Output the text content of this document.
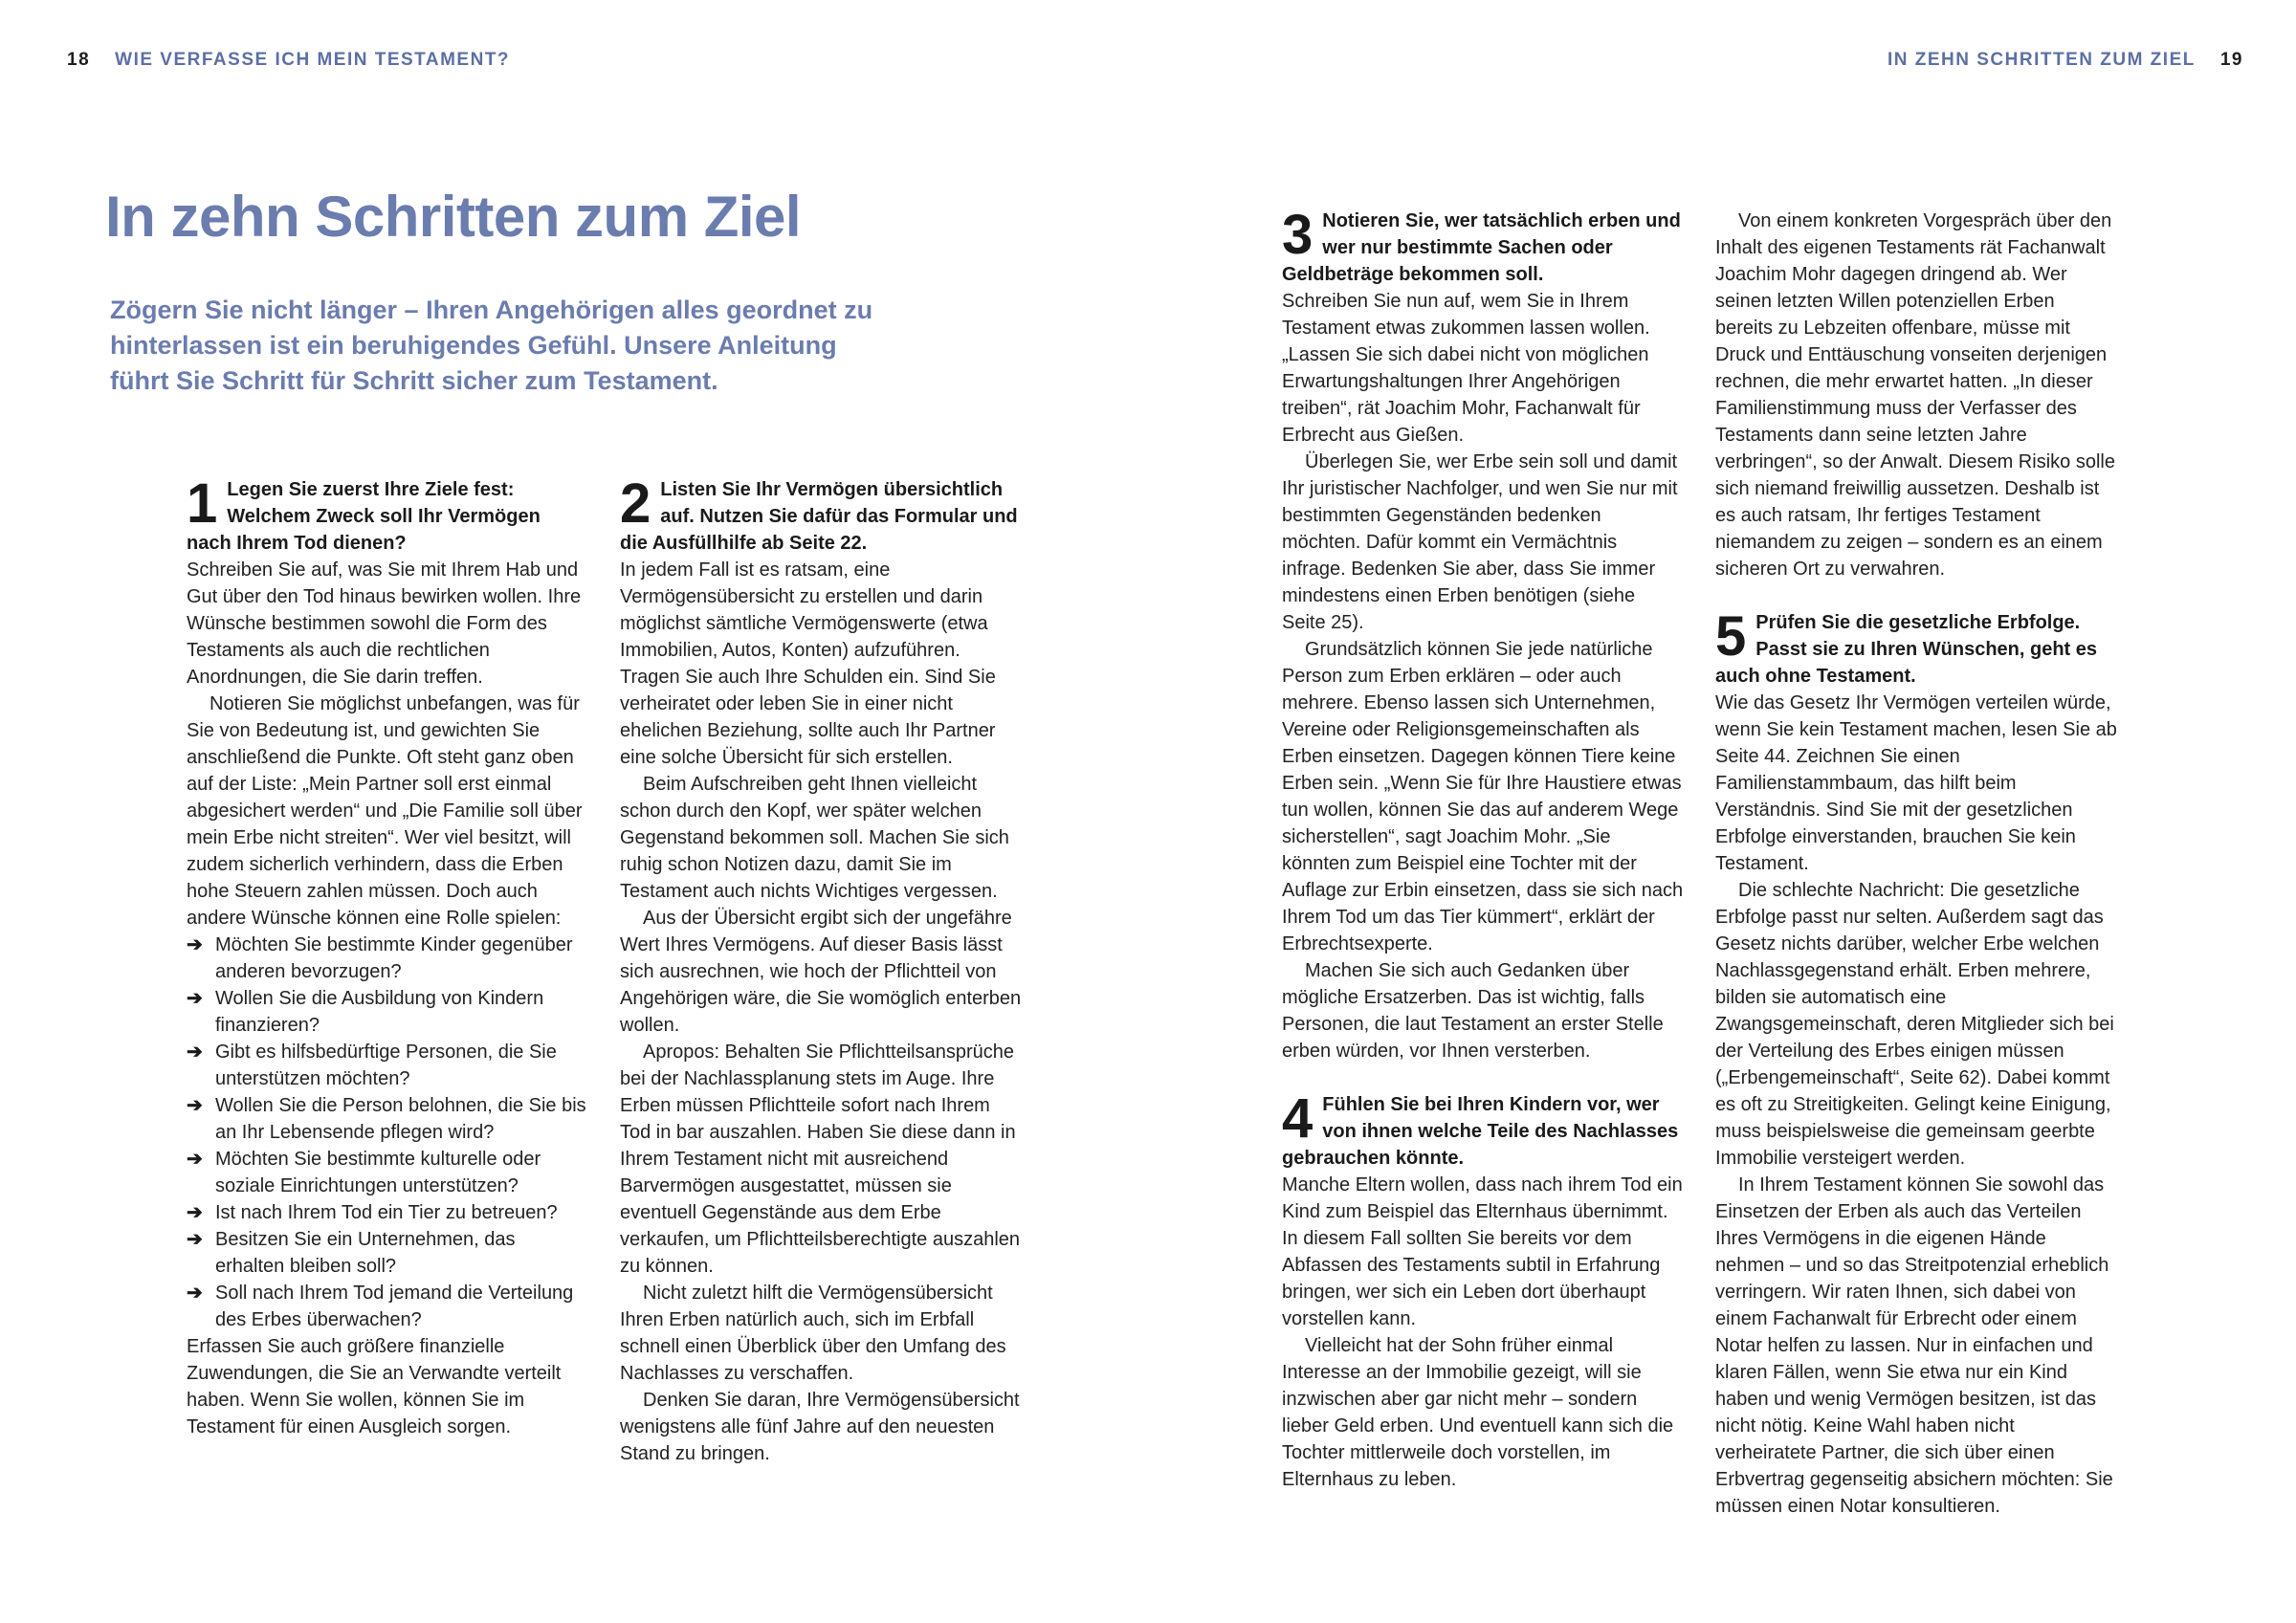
18 WIE VERFASSE ICH MEIN TESTAMENT?	IN ZEHN SCHRITTEN ZUM ZIEL 19
In zehn Schritten zum Ziel

Zögern Sie nicht länger – Ihren Angehörigen alles geordnet zu hinterlassen ist ein beruhigendes Gefühl. Unsere Anleitung führt Sie Schritt für Schritt sicher zum Testament.

1 Legen Sie zuerst Ihre Ziele fest: Welchem Zweck soll Ihr Vermögen nach Ihrem Tod dienen?

Schreiben Sie auf, was Sie mit Ihrem Hab und Gut über den Tod hinaus bewirken wollen. Ihre Wünsche bestimmen sowohl die Form des Testaments als auch die rechtlichen Anordnungen, die Sie darin treffen.

Notieren Sie möglichst unbefangen, was für Sie von Bedeutung ist, und gewichten Sie anschließend die Punkte. Oft steht ganz oben auf der Liste: „Mein Partner soll erst einmal abgesichert werden“ und „Die Familie soll über mein Erbe nicht streiten“. Wer viel besitzt, will zudem sicherlich verhindern, dass die Erben hohe Steuern zahlen müssen. Doch auch andere Wünsche können eine Rolle spielen:

➔ Möchten Sie bestimmte Kinder gegenüber anderen bevorzugen?
➔ Wollen Sie die Ausbildung von Kindern finanzieren?
➔ Gibt es hilfsbedürftige Personen, die Sie unterstützen möchten?
➔ Wollen Sie die Person belohnen, die Sie bis an Ihr Lebensende pflegen wird?
➔ Möchten Sie bestimmte kulturelle oder soziale Einrichtungen unterstützen?
➔ Ist nach Ihrem Tod ein Tier zu betreuen?
➔ Besitzen Sie ein Unternehmen, das erhalten bleiben soll?
➔ Soll nach Ihrem Tod jemand die Verteilung des Erbes überwachen?

Erfassen Sie auch größere finanzielle Zuwendungen, die Sie an Verwandte verteilt haben. Wenn Sie wollen, können Sie im Testament für einen Ausgleich sorgen.

2 Listen Sie Ihr Vermögen übersichtlich auf. Nutzen Sie dafür das Formular und die Ausfüllhilfe ab Seite 22.

In jedem Fall ist es ratsam, eine Vermögensübersicht zu erstellen und darin möglichst sämtliche Vermögenswerte (etwa Immobilien, Autos, Konten) aufzuführen. Tragen Sie auch Ihre Schulden ein. Sind Sie verheiratet oder leben Sie in einer nicht ehelichen Beziehung, sollte auch Ihr Partner eine solche Übersicht für sich erstellen.

Beim Aufschreiben geht Ihnen vielleicht schon durch den Kopf, wer später welchen Gegenstand bekommen soll. Machen Sie sich ruhig schon Notizen dazu, damit Sie im Testament auch nichts Wichtiges vergessen.

Aus der Übersicht ergibt sich der ungefähre Wert Ihres Vermögens. Auf dieser Basis lässt sich ausrechnen, wie hoch der Pflichtteil von Angehörigen wäre, die Sie womöglich enterben wollen.

Apropos: Behalten Sie Pflichtteilsansprüche bei der Nachlassplanung stets im Auge. Ihre Erben müssen Pflichtteile sofort nach Ihrem Tod in bar auszahlen. Haben Sie diese dann in Ihrem Testament nicht mit ausreichend Barvermögen ausgestattet, müssen sie eventuell Gegenstände aus dem Erbe verkaufen, um Pflichtteilsberechtigte auszahlen zu können.

Nicht zuletzt hilft die Vermögensübersicht Ihren Erben natürlich auch, sich im Erbfall schnell einen Überblick über den Umfang des Nachlasses zu verschaffen.

Denken Sie daran, Ihre Vermögensübersicht wenigstens alle fünf Jahre auf den neuesten Stand zu bringen.

3 Notieren Sie, wer tatsächlich erben und wer nur bestimmte Sachen oder Geldbeträge bekommen soll.

Schreiben Sie nun auf, wem Sie in Ihrem Testament etwas zukommen lassen wollen. „Lassen Sie sich dabei nicht von möglichen Erwartungshaltungen Ihrer Angehörigen treiben“, rät Joachim Mohr, Fachanwalt für Erbrecht aus Gießen.

Überlegen Sie, wer Erbe sein soll und damit Ihr juristischer Nachfolger, und wen Sie nur mit bestimmten Gegenständen bedenken möchten. Dafür kommt ein Vermächtnis infrage. Bedenken Sie aber, dass Sie immer mindestens einen Erben benötigen (siehe Seite 25).

Grundsätzlich können Sie jede natürliche Person zum Erben erklären – oder auch mehrere. Ebenso lassen sich Unternehmen, Vereine oder Religionsgemeinschaften als Erben einsetzen. Dagegen können Tiere keine Erben sein. „Wenn Sie für Ihre Haustiere etwas tun wollen, können Sie das auf anderem Wege sicherstellen“, sagt Joachim Mohr. „Sie könnten zum Beispiel eine Tochter mit der Auflage zur Erbin einsetzen, dass sie sich nach Ihrem Tod um das Tier kümmert“, erklärt der Erbrechtsexperte.

Machen Sie sich auch Gedanken über mögliche Ersatzerben. Das ist wichtig, falls Personen, die laut Testament an erster Stelle erben würden, vor Ihnen versterben.

4 Fühlen Sie bei Ihren Kindern vor, wer von ihnen welche Teile des Nachlasses gebrauchen könnte.

Manche Eltern wollen, dass nach ihrem Tod ein Kind zum Beispiel das Elternhaus übernimmt. In diesem Fall sollten Sie bereits vor dem Abfassen des Testaments subtil in Erfahrung bringen, wer sich ein Leben dort überhaupt vorstellen kann.

Vielleicht hat der Sohn früher einmal Interesse an der Immobilie gezeigt, will sie inzwischen aber gar nicht mehr – sondern lieber Geld erben. Und eventuell kann sich die Tochter mittlerweile doch vorstellen, im Elternhaus zu leben.

Von einem konkreten Vorgespräch über den Inhalt des eigenen Testaments rät Fachanwalt Joachim Mohr dagegen dringend ab. Wer seinen letzten Willen potenziellen Erben bereits zu Lebzeiten offenbare, müsse mit Druck und Enttäuschung vonseiten derjenigen rechnen, die mehr erwartet hatten. „In dieser Familienstimmung muss der Verfasser des Testaments dann seine letzten Jahre verbringen“, so der Anwalt. Diesem Risiko solle sich niemand freiwillig aussetzen. Deshalb ist es auch ratsam, Ihr fertiges Testament niemandem zu zeigen – sondern es an einem sicheren Ort zu verwahren.

5 Prüfen Sie die gesetzliche Erbfolge. Passt sie zu Ihren Wünschen, geht es auch ohne Testament.

Wie das Gesetz Ihr Vermögen verteilen würde, wenn Sie kein Testament machen, lesen Sie ab Seite 44. Zeichnen Sie einen Familienstammbaum, das hilft beim Verständnis. Sind Sie mit der gesetzlichen Erbfolge einverstanden, brauchen Sie kein Testament.

Die schlechte Nachricht: Die gesetzliche Erbfolge passt nur selten. Außerdem sagt das Gesetz nichts darüber, welcher Erbe welchen Nachlassgegenstand erhält. Erben mehrere, bilden sie automatisch eine Zwangsgemeinschaft, deren Mitglieder sich bei der Verteilung des Erbes einigen müssen („Erbengemeinschaft“, Seite 62). Dabei kommt es oft zu Streitigkeiten. Gelingt keine Einigung, muss beispielsweise die gemeinsam geerbte Immobilie versteigert werden.

In Ihrem Testament können Sie sowohl das Einsetzen der Erben als auch das Verteilen Ihres Vermögens in die eigenen Hände nehmen – und so das Streitpotenzial erheblich verringern. Wir raten Ihnen, sich dabei von einem Fachanwalt für Erbrecht oder einem Notar helfen zu lassen. Nur in einfachen und klaren Fällen, wenn Sie etwa nur ein Kind haben und wenig Vermögen besitzen, ist das nicht nötig. Keine Wahl haben nicht verheiratete Partner, die sich über einen Erbvertrag gegenseitig absichern möchten: Sie müssen einen Notar konsultieren.
